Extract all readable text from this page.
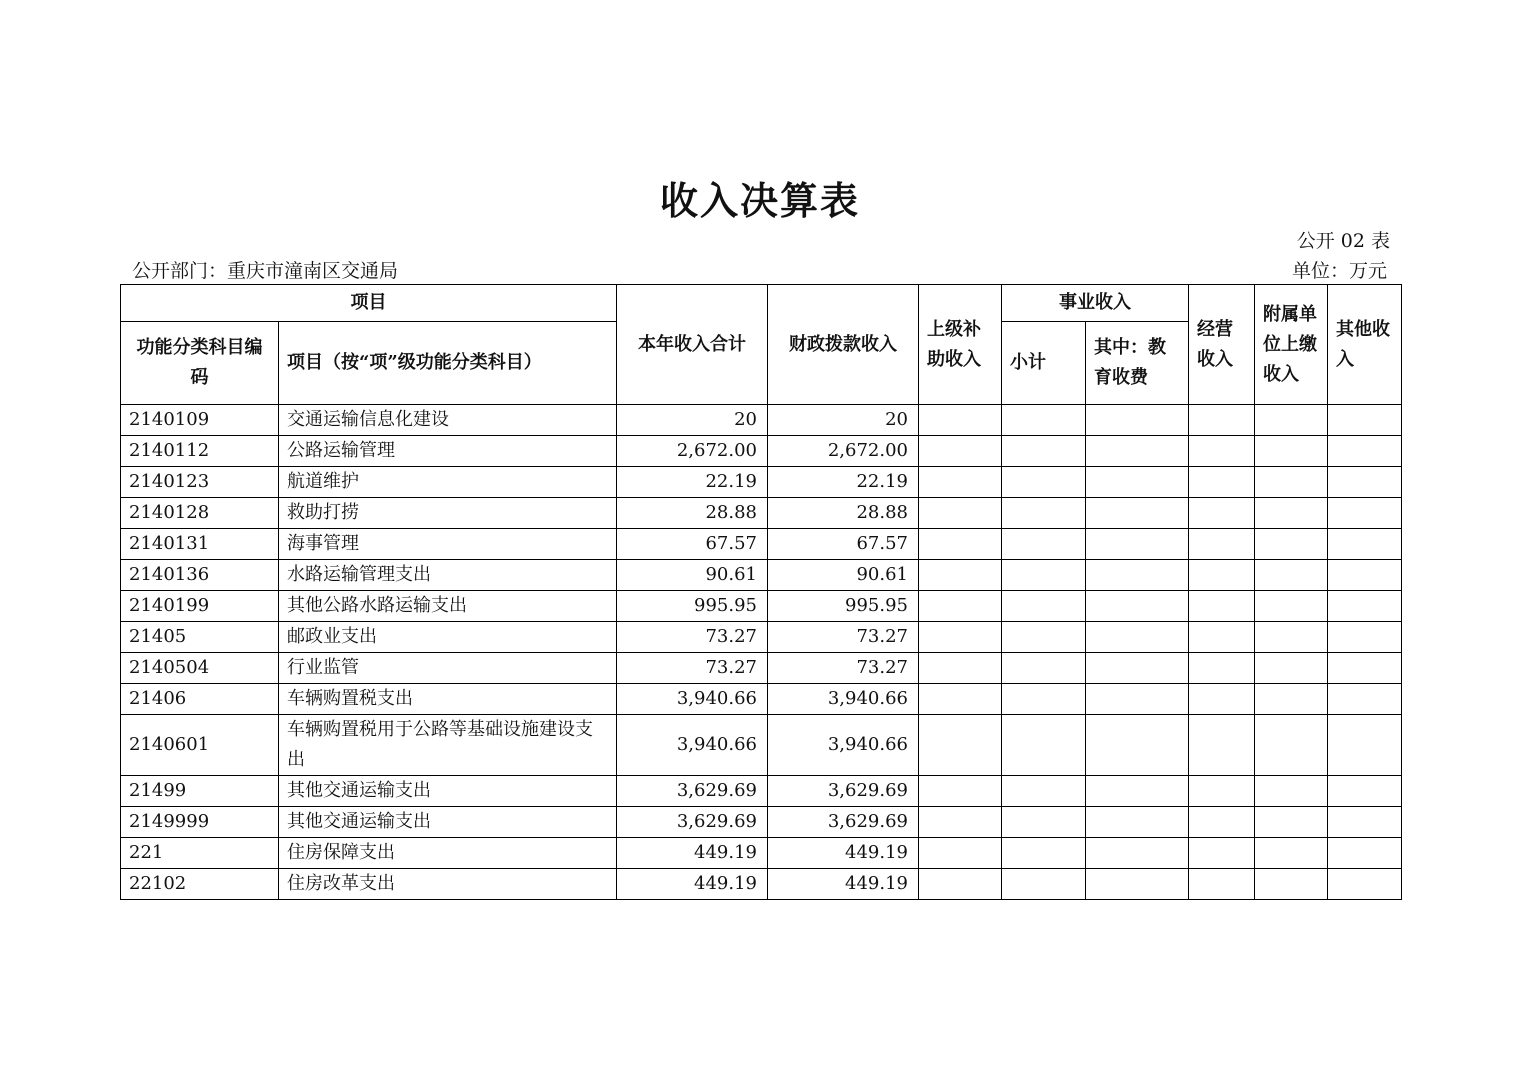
收入决算表
公开 02 表
公开部门：重庆市潼南区交通局	单位：万元
项目		本年收入合计	财政拨款收入	上级补助收入	事业收入		经营收入	附属单位上缴收入	其他收入
功能分类科目编码	项目（按“项”级功能分类科目）				小计	其中：教育收费			
2140109	交通运输信息化建设	20	20						
2140112	公路运输管理	2,672.00	2,672.00						
2140123	航道维护	22.19	22.19						
2140128	救助打捞	28.88	28.88						
2140131	海事管理	67.57	67.57						
2140136	水路运输管理支出	90.61	90.61						
2140199	其他公路水路运输支出	995.95	995.95						
21405	邮政业支出	73.27	73.27						
2140504	行业监管	73.27	73.27						
21406	车辆购置税支出	3,940.66	3,940.66						
2140601	车辆购置税用于公路等基础设施建设支出	3,940.66	3,940.66						
21499	其他交通运输支出	3,629.69	3,629.69						
2149999	其他交通运输支出	3,629.69	3,629.69						
221	住房保障支出	449.19	449.19						
22102	住房改革支出	449.19	449.19						
